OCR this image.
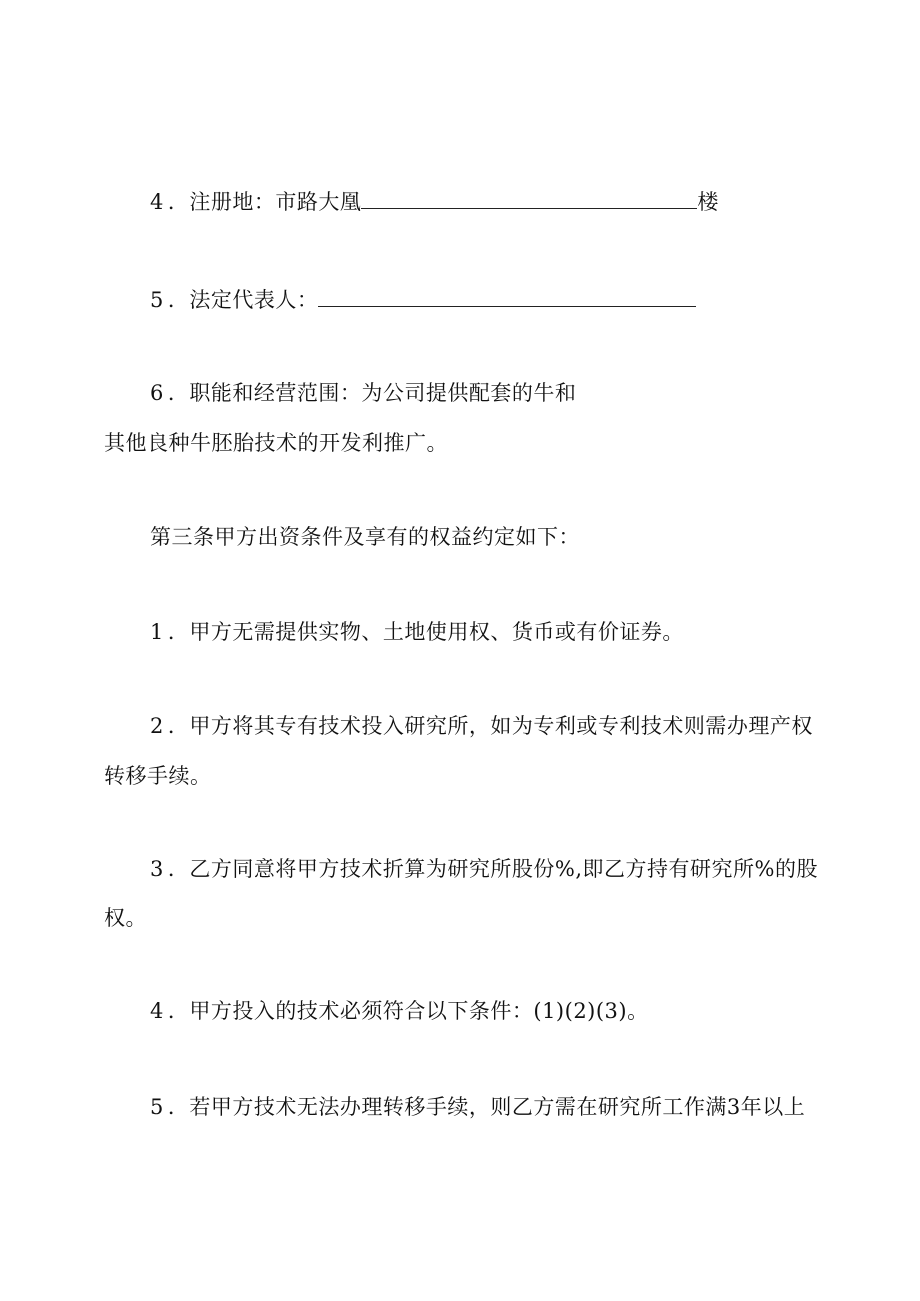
4 ．注册地：市路大凰	楼
5 ．法定代表人：
6 ．职能和经营范围：为公司提供配套的牛和
其他良种牛胚胎技术的开发利推广。
第三条甲方出资条件及享有的权益约定如下：
1 ．甲方无需提供实物、土地使用权、货币或有价证券。
2 ．甲方将其专有技术投入研究所，如为专利或专利技术则需办理产权
转移手续。
3 ．乙方同意将甲方技术折算为研究所股份%,即乙方持有研究所%的股
权。
4 ．甲方投入的技术必须符合以下条件：(1)(2)(3)。
5 ．若甲方技术无法办理转移手续，则乙方需在研究所工作满3年以上
